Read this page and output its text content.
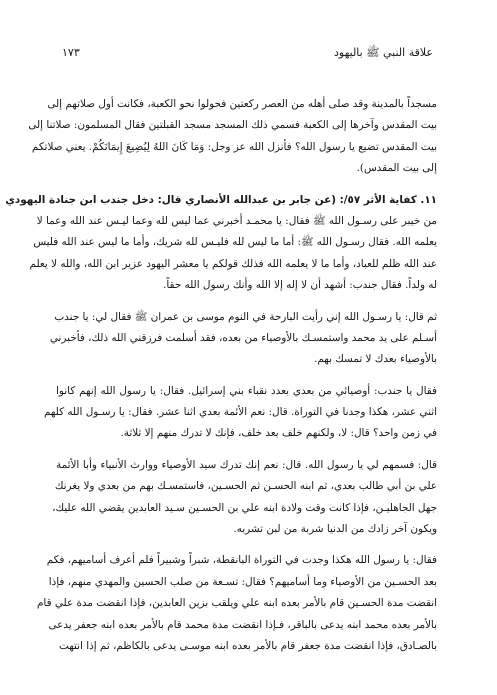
علاقة النبي ﷺ باليهود
١٧٣
مسجداً بالمدينة وقد صلى أهله من العصر ركعتين فحولوا نحو الكعبة، فكانت أول صلاتهم إلى
بيت المقدس وآخرها إلى الكعبة فسمي ذلك المسجد مسجد القبلتين فقال المسلمون: صلاتنا إلى
بيت المقدس تضيع يا رسول الله؟ فأنزل الله عز وجل: وَمَا كَانَ اللهُ لِيُضِيعَ إِيمَانَكُمْ. يعني صلاتكم
إلى بيت المقدس).
١١. كفاية الأثر ٥٧/: (عن جابر بن عبدالله الأنصاري قال: دخل جندب ابن جنادة اليهودي
من خيبر على رسـول الله ﷺ فقال: يا محمـد أخبرني عما ليس لله وعما ليـس عند الله وعما لا
يعلمه الله. فقال رسـول الله ﷺ: أما ما ليس لله فليـس لله شريك، وأما ما ليس عند الله فليس
عند الله ظلم للعباد، وأما ما لا يعلمه الله فذلك قولكم يا معشر اليهود عزير ابن الله، والله لا يعلم
له ولداً. فقال جندب: أشهد أن لا إله إلا الله وأنك رسول الله حقاً.
ثم قال: يا رسـول الله إني رأيت البارحة في النوم موسى بن عمران ﷺ فقال لي: يا جندب
أسـلم على يد محمد واستمسـك بالأوصياء من بعده، فقد أسلمت فرزقني الله ذلك، فأخبرني
بالأوصياء بعدك لا تمسك بهم.
فقال يا جندب: أوصيائي من بعدي بعدد نقباء بني إسرائيل. فقال: يا رسول الله إنهم كانوا
اثني عشر، هكذا وجدنا في التوراة. قال: نعم الأئمة بعدي اثنا عشر. فقال: يا رسـول الله كلهم
في زمن واحد؟ قال: لا، ولكنهم خلف بعد خلف، فإنك لا تدرك منهم إلا ثلاثة.
قال: فسمهم لي يا رسول الله. قال: نعم إنك تدرك سيد الأوصياء ووارث الأنبياء وأبا الأئمة
علي بن أبي طالب بعدي، ثم ابنه الحسـن ثم الحسـين، فاستمسـك بهم من بعدي ولا يغرنك
جهل الجاهليـن، فإذا كانت وقت ولادة ابنه علي بن الحسـين سـيد العابدين يقضي الله عليك،
ويكون آخر زادك من الدنيا شربة من لبن تشربه.
فقال: يا رسول الله هكذا وجدت في التوراة البانقطة، شبراً وشبيراً فلم أعرف أساميهم، فكم
بعد الحسـين من الأوصياء وما أساميهم؟ فقال: تسـعة من صلب الحسين والمهدي منهم، فإذا
انقضت مدة الحسـين قام بالأمر بعده ابنه علي ويلقب بزين العابدين، فإذا انقضت مدة علي قام
بالأمر بعده محمد ابنه يدعى بالباقر، فـإذا انقضت مدة محمد قام بالأمر بعده ابنه جعفر يدعى
بالصـادق، فإذا انقضت مدة جعفر قام بالأمر بعده ابنه موسـى يدعى بالكاظم، ثم إذا انتهت
